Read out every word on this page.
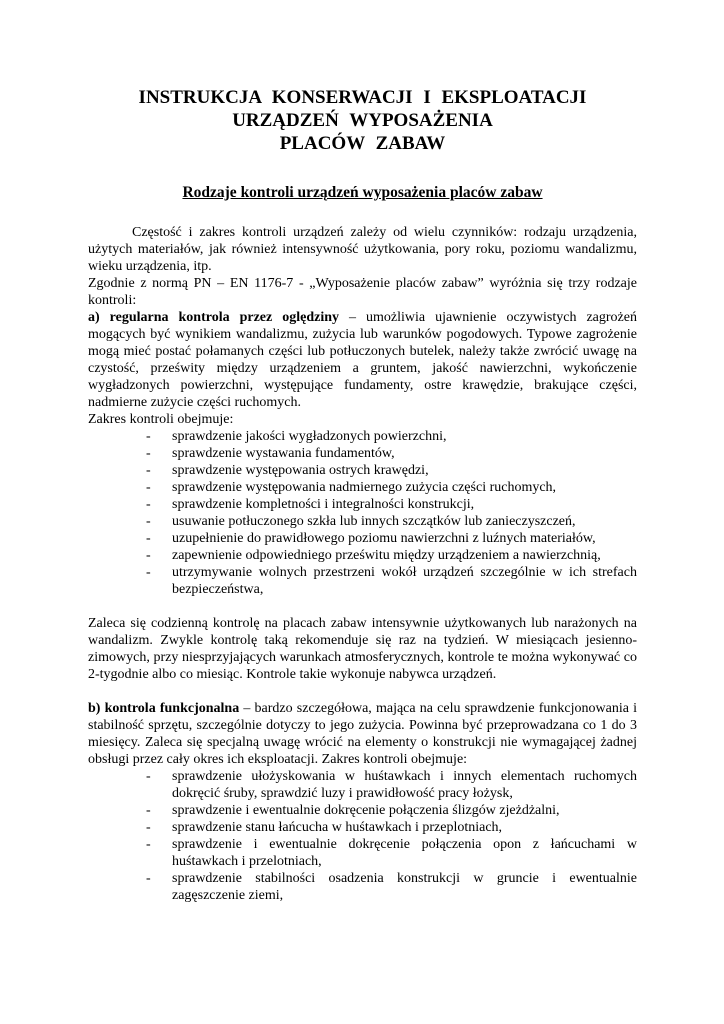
INSTRUKCJA KONSERWACJI I EKSPLOATACJI
URZĄDZEŃ WYPOSAŻENIA
PLACÓW ZABAW
Rodzaje kontroli urządzeń wyposażenia placów zabaw

Częstość i zakres kontroli urządzeń zależy od wielu czynników: rodzaju urządzenia, użytych materiałów, jak również intensywność użytkowania, pory roku, poziomu wandalizmu, wieku urządzenia, itp.

Zgodnie z normą PN – EN 1176-7 - „Wyposażenie placów zabaw” wyróżnia się trzy rodzaje kontroli:

a) regularna kontrola przez oględziny – umożliwia ujawnienie oczywistych zagrożeń mogących być wynikiem wandalizmu, zużycia lub warunków pogodowych. Typowe zagrożenie mogą mieć postać połamanych części lub potłuczonych butelek, należy także zwrócić uwagę na czystość, prześwity między urządzeniem a gruntem, jakość nawierzchni, wykończenie wygładzonych powierzchni, występujące fundamenty, ostre krawędzie, brakujące części, nadmierne zużycie części ruchomych.

Zakres kontroli obejmuje:

- sprawdzenie jakości wygładzonych powierzchni,
- sprawdzenie wystawania fundamentów,
- sprawdzenie występowania ostrych krawędzi,
- sprawdzenie występowania nadmiernego zużycia części ruchomych,
- sprawdzenie kompletności i integralności konstrukcji,
- usuwanie potłuczonego szkła lub innych szczątków lub zanieczyszczeń,
- uzupełnienie do prawidłowego poziomu nawierzchni z luźnych materiałów,
- zapewnienie odpowiedniego prześwitu między urządzeniem a nawierzchnią,
- utrzymywanie wolnych przestrzeni wokół urządzeń szczególnie w ich strefach bezpieczeństwa,

Zaleca się codzienną kontrolę na placach zabaw intensywnie użytkowanych lub narażonych na wandalizm. Zwykle kontrolę taką rekomenduje się raz na tydzień. W miesiącach jesienno-zimowych, przy niesprzyjających warunkach atmosferycznych, kontrole te można wykonywać co 2-tygodnie albo co miesiąc. Kontrole takie wykonuje nabywca urządzeń.

b) kontrola funkcjonalna – bardzo szczegółowa, mająca na celu sprawdzenie funkcjonowania i stabilność sprzętu, szczególnie dotyczy to jego zużycia. Powinna być przeprowadzana co 1 do 3 miesięcy. Zaleca się specjalną uwagę wrócić na elementy o konstrukcji nie wymagającej żadnej obsługi przez cały okres ich eksploatacji. Zakres kontroli obejmuje:

- sprawdzenie ułożyskowania w huśtawkach i innych elementach ruchomych dokręcić śruby, sprawdzić luzy i prawidłowość pracy łożysk,
- sprawdzenie i ewentualnie dokręcenie połączenia ślizgów zjeżdżalni,
- sprawdzenie stanu łańcucha w huśtawkach i przeplotniach,
- sprawdzenie i ewentualnie dokręcenie połączenia opon z łańcuchami w huśtawkach i przelotniach,
- sprawdzenie stabilności osadzenia konstrukcji w gruncie i ewentualnie zagęszczenie ziemi,
